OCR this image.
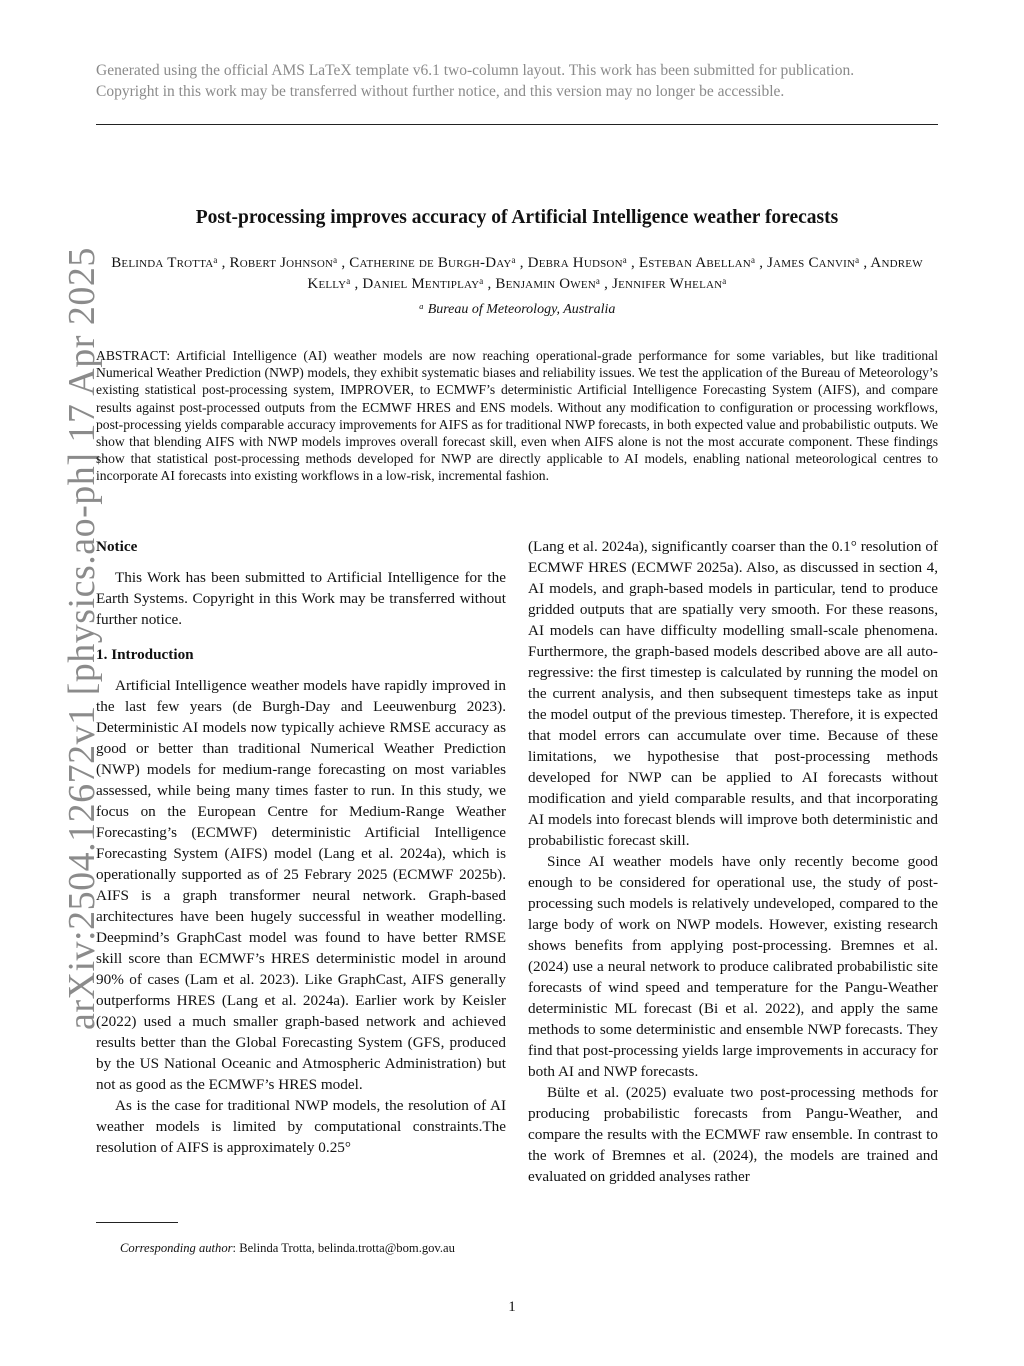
Generated using the official AMS LaTeX template v6.1 two-column layout. This work has been submitted for publication. Copyright in this work may be transferred without further notice, and this version may no longer be accessible.
arXiv:2504.12672v1 [physics.ao-ph] 17 Apr 2025
Post-processing improves accuracy of Artificial Intelligence weather forecasts
Belinda Trottaᵃ , Robert Johnsonᵃ , Catherine de Burgh-Dayᵃ , Debra Hudsonᵃ , Esteban Abellanᵃ , James Canvinᵃ , Andrew Kellyᵃ , Daniel Mentiplayᵃ , Benjamin Owenᵃ , Jennifer Whelanᵃ
ᵃ Bureau of Meteorology, Australia
ABSTRACT: Artificial Intelligence (AI) weather models are now reaching operational-grade performance for some variables, but like traditional Numerical Weather Prediction (NWP) models, they exhibit systematic biases and reliability issues. We test the application of the Bureau of Meteorology’s existing statistical post-processing system, IMPROVER, to ECMWF’s deterministic Artificial Intelligence Forecasting System (AIFS), and compare results against post-processed outputs from the ECMWF HRES and ENS models. Without any modification to configuration or processing workflows, post-processing yields comparable accuracy improvements for AIFS as for traditional NWP forecasts, in both expected value and probabilistic outputs. We show that blending AIFS with NWP models improves overall forecast skill, even when AIFS alone is not the most accurate component. These findings show that statistical post-processing methods developed for NWP are directly applicable to AI models, enabling national meteorological centres to incorporate AI forecasts into existing workflows in a low-risk, incremental fashion.
Notice

This Work has been submitted to Artificial Intelligence for the Earth Systems. Copyright in this Work may be transferred without further notice.

1. Introduction

Artificial Intelligence weather models have rapidly improved in the last few years (de Burgh-Day and Leeuwenburg 2023). Deterministic AI models now typically achieve RMSE accuracy as good or better than traditional Numerical Weather Prediction (NWP) models for medium-range forecasting on most variables assessed, while being many times faster to run. In this study, we focus on the European Centre for Medium-Range Weather Forecasting’s (ECMWF) deterministic Artificial Intelligence Forecasting System (AIFS) model (Lang et al. 2024a), which is operationally supported as of 25 Febrary 2025 (ECMWF 2025b). AIFS is a graph transformer neural network. Graph-based architectures have been hugely successful in weather modelling. Deepmind’s GraphCast model was found to have better RMSE skill score than ECMWF’s HRES deterministic model in around 90% of cases (Lam et al. 2023). Like GraphCast, AIFS generally outperforms HRES (Lang et al. 2024a). Earlier work by Keisler (2022) used a much smaller graph-based network and achieved results better than the Global Forecasting System (GFS, produced by the US National Oceanic and Atmospheric Administration) but not as good as the ECMWF’s HRES model.

As is the case for traditional NWP models, the resolution of AI weather models is limited by computational constraints.The resolution of AIFS is approximately 0.25°

(Lang et al. 2024a), significantly coarser than the 0.1° resolution of ECMWF HRES (ECMWF 2025a). Also, as discussed in section 4, AI models, and graph-based models in particular, tend to produce gridded outputs that are spatially very smooth. For these reasons, AI models can have difficulty modelling small-scale phenomena. Furthermore, the graph-based models described above are all auto-regressive: the first timestep is calculated by running the model on the current analysis, and then subsequent timesteps take as input the model output of the previous timestep. Therefore, it is expected that model errors can accumulate over time. Because of these limitations, we hypothesise that post-processing methods developed for NWP can be applied to AI forecasts without modification and yield comparable results, and that incorporating AI models into forecast blends will improve both deterministic and probabilistic forecast skill.

Since AI weather models have only recently become good enough to be considered for operational use, the study of post-processing such models is relatively undeveloped, compared to the large body of work on NWP models. However, existing research shows benefits from applying post-processing. Bremnes et al. (2024) use a neural network to produce calibrated probabilistic site forecasts of wind speed and temperature for the Pangu-Weather deterministic ML forecast (Bi et al. 2022), and apply the same methods to some deterministic and ensemble NWP forecasts. They find that post-processing yields large improvements in accuracy for both AI and NWP forecasts.

Bülte et al. (2025) evaluate two post-processing methods for producing probabilistic forecasts from Pangu-Weather, and compare the results with the ECMWF raw ensemble. In contrast to the work of Bremnes et al. (2024), the models are trained and evaluated on gridded analyses rather

Corresponding author: Belinda Trotta, belinda.trotta@bom.gov.au
1
